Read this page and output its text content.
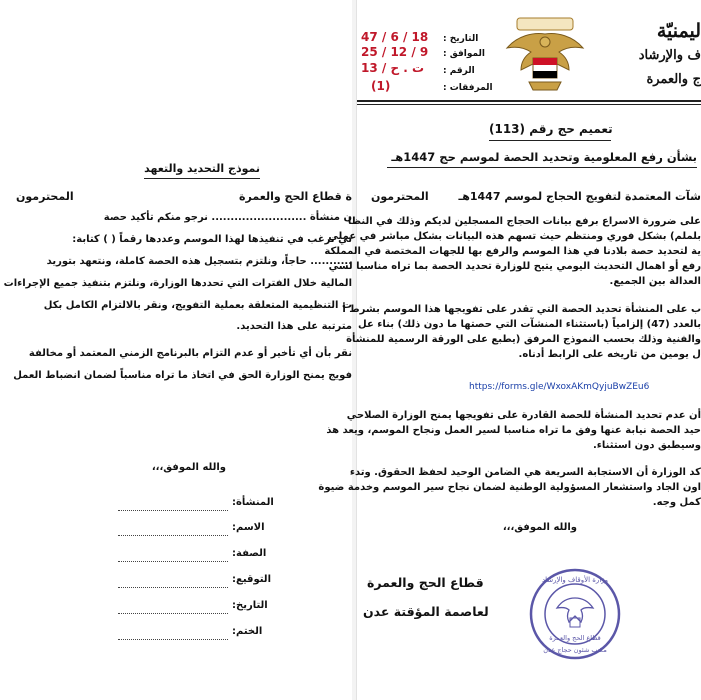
نموذج التحديد والتعهد
ة قطاع الحج والعمرة
المحترمون
ن منشأة ......................... نرجو منكم تأكيد حصة
تي نرغب في تنفيذها لهذا الموسم وعددها رقماً ( ) كتابة:
........... حاجاً، ونلتزم بتسجيل هذه الحصة كاملة، ونتعهد بتوريد
المالية خلال الفترات التي تحددها الوزارة، ونلتزم بتنفيذ جميع الإجراءات
ت التنظيمية المتعلقة بعملية التفويج، ونقر بالالتزام الكامل بكل
مترتبة على هذا التحديد.
نقر بأن أي تأخير أو عدم التزام بالبرنامج الزمني المعتمد أو مخالفة
فويج يمنح الوزارة الحق في اتخاذ ما تراه مناسباً لضمان انضباط العمل
والله الموفق،،،
المنشأة:
الاسم:
الصفة:
التوقيع:
التاريخ:
الختم:
ليمنيّة
ف والإرشاد
ج والعمرة
التاريخ :
47 / 6 / 18
الموافق :
25 / 12 / 9
الرقم :
ت . ح / 13
المرفقات :
(1)
تعميم حج رقم (113)
بشأن رفع المعلومية وتحديد الحصة لموسم حج 1447هـ
شآت المعتمدة لتفويج الحجاج لموسم 1447هـ
المحترمون
على ضرورة الاسراع برفع بيانات الحجاج المسجلين لديكم وذلك في النظا
بلملم) بشكل فوري ومنتظم حيث تسهم هذه البيانات بشكل مباشر في عملي
ية لتحديد حصة بلادنا في هذا الموسم والرفع بها للجهات المختصة في المملكة
رفع أو اهمال التحديث اليومي يتيح للوزارة تحديد الحصة بما تراه مناسبا لسي
العدالة بين الجميع.
ب على المنشأة تحديد الحصة التي تقدر على تفويجها هذا الموسم بشرط أ
بالعدد (47) إلزامياً (باستثناء المنشآت التي حصتها ما دون ذلك) بناء عل
والفنية وذلك بحسب النموذج المرفق (يطبع على الورقة الرسمية للمنشأة
ل يومين من تاريخه على الرابط أدناه.
https://forms.gle/WxoxAKmQyjuBwZEu6
أن عدم تحديد المنشأة للحصة القادرة على تفويجها يمنح الوزارة الصلاحي
حيد الحصة نيابة عنها وفق ما تراه مناسبا لسير العمل ونجاح الموسم، ويعد هذ
وسيطبق دون استثناء.
كد الوزارة أن الاستجابة السريعة هي الضامن الوحيد لحفظ الحقوق. وتدء
اون الجاد واستشعار المسؤولية الوطنية لضمان نجاح سير الموسم وخدمة ضيوة
كمل وجه.
والله الموفق،،،
قطاع الحج والعمرة
لعاصمة المؤقتة عدن
وزارة الأوقاف والإرشاد
قطاع الحج والعمرة
مكتب شئون حجاج عدن
